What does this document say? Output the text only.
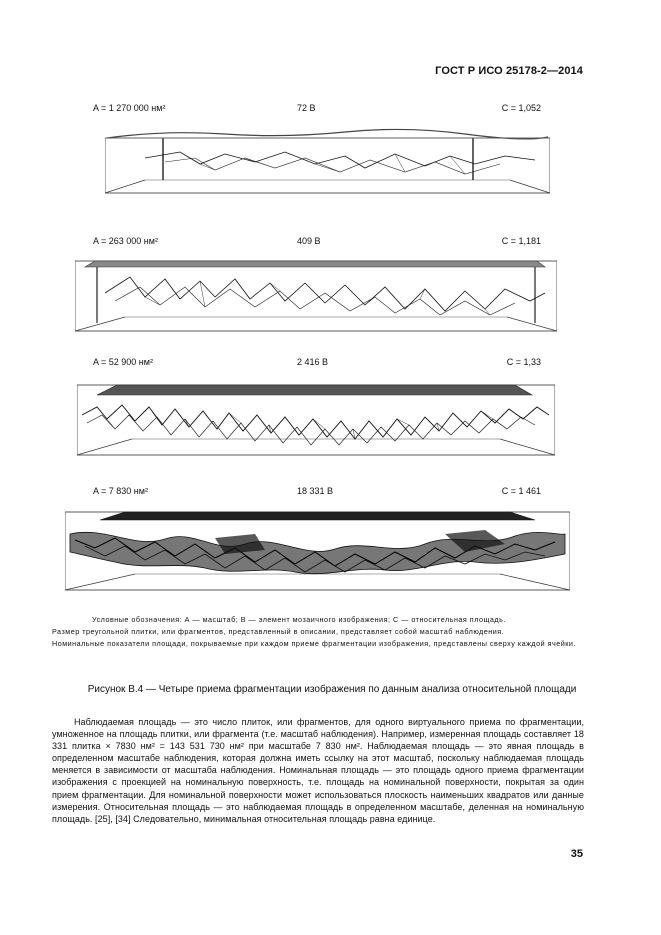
ГОСТ Р ИСО 25178-2—2014
A = 1 270 000 нм²	72 В	C = 1,052
A = 263 000 нм²	409 В	C = 1,181
A = 52 900 нм²	2 416 В	C = 1,33
A = 7 830 нм²	18 331 В	C = 1 461

Условные обозначения: А — масштаб; В — элемент мозаичного изображения; С — относительная площадь.

Размер треугольной плитки, или фрагментов, представленный в описании, представляет собой масштаб наблюдения.

Номинальные показатели площади, покрываемые при каждом приеме фрагментации изображения, представлены сверху каждой ячейки.

Рисунок В.4 — Четыре приема фрагментации изображения по данным анализа относительной площади

Наблюдаемая площадь — это число плиток, или фрагментов, для одного виртуального приема по фрагментации, умноженное на площадь плитки, или фрагмента (т.е. масштаб наблюдения). Например, измеренная площадь составляет 18 331 плитка × 7830 нм² = 143 531 730 нм² при масштабе 7 830 нм². Наблюдаемая площадь — это явная площадь в определенном масштабе наблюдения, которая должна иметь ссылку на этот масштаб, поскольку наблюдаемая площадь меняется в зависимости от масштаба наблюдения. Номинальная площадь — это площадь одного приема фрагментации изображения с проекцией на номинальную поверхность, т.е. площадь на номинальной поверхности, покрытая за один прием фрагментации. Для номинальной поверхности может использоваться плоскость наименьших квадратов или данные измерения. Относительная площадь — это наблюдаемая площадь в определенном масштабе, деленная на номинальную площадь. [25], [34] Следовательно, минимальная относительная площадь равна единице.

35
